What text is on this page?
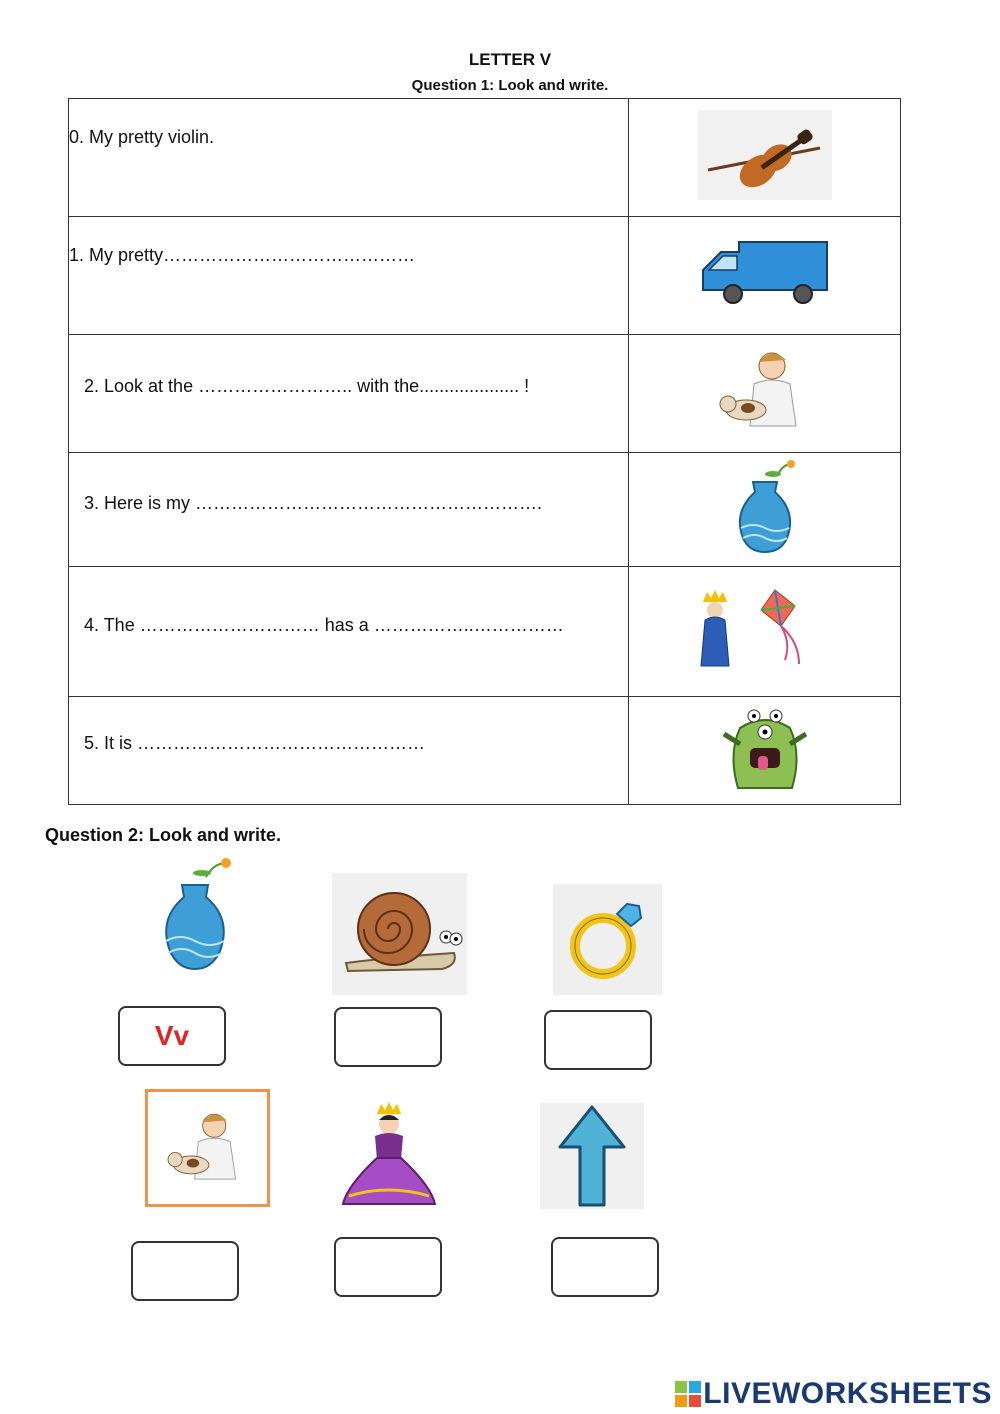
LETTER V
Question 1: Look and write.
0. My pretty violin.

1. My pretty……………………………………

2. Look at the …………………….. with the.................... !

3. Here is my ………………………………………………….

4. The ………………………… has a ……………..……………

5. It is …………………………………………

Question 2: Look and write.
Vv
LIVEWORKSHEETS
